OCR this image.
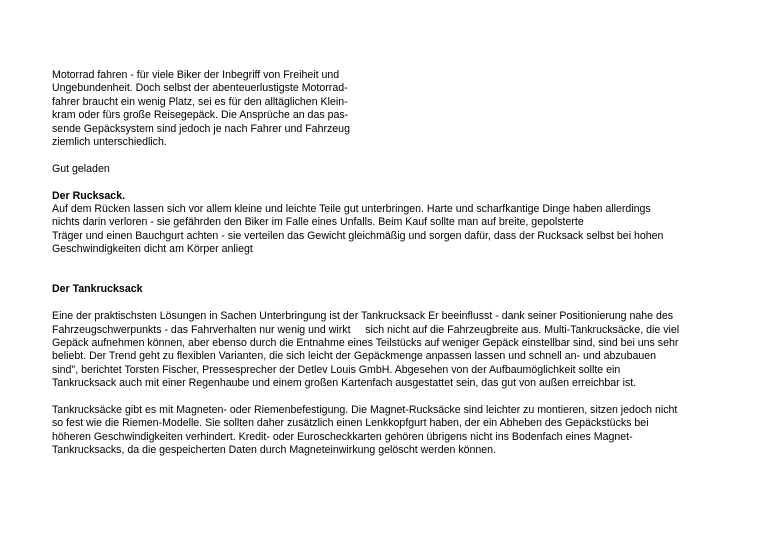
Motorrad fahren - für viele Biker der Inbegriff von Freiheit und
Ungebundenheit. Doch selbst der abenteuerlustigste Motorrad-
fahrer braucht ein wenig Platz, sei es für den alltäglichen Klein-
kram oder fürs große Reisegepäck. Die Ansprüche an das pas-
sende Gepäcksystem sind jedoch je nach Fahrer und Fahrzeug
ziemlich unterschiedlich.
Gut geladen
Der Rucksack.
Auf dem Rücken lassen sich vor allem kleine und leichte Teile gut unterbringen. Harte und scharfkantige Dinge haben allerdings
nichts darin verloren - sie gefährden den Biker im Falle eines Unfalls. Beim Kauf sollte man auf breite, gepolsterte
Träger und einen Bauchgurt achten - sie verteilen das Gewicht gleichmäßig und sorgen dafür, dass der Rucksack selbst bei hohen
Geschwindigkeiten dicht am Körper anliegt
Der Tankrucksack
Eine der praktischsten Lösungen in Sachen Unterbringung ist der Tankrucksack Er beeinflusst - dank seiner Positionierung nahe des
Fahrzeugschwerpunkts - das Fahrverhalten nur wenig und wirkt     sich nicht auf die Fahrzeugbreite aus. Multi-Tankrucksäcke, die viel
Gepäck aufnehmen können, aber ebenso durch die Entnahme eines Teilstücks auf weniger Gepäck einstellbar sind, sind bei uns sehr
beliebt. Der Trend geht zu flexiblen Varianten, die sich leicht der Gepäckmenge anpassen lassen und schnell an- und abzubauen
sind", berichtet Torsten Fischer, Pressesprecher der Detlev Louis GmbH. Abgesehen von der Aufbaumöglichkeit sollte ein
Tankrucksack auch mit einer Regenhaube und einem großen Kartenfach ausgestattet sein, das gut von außen erreichbar ist.
Tankrucksäcke gibt es mit Magneten- oder Riemenbefestigung. Die Magnet-Rucksäcke sind leichter zu montieren, sitzen jedoch nicht
so fest wie die Riemen-Modelle. Sie sollten daher zusätzlich einen Lenkkopfgurt haben, der ein Abheben des Gepäckstücks bei
höheren Geschwindigkeiten verhindert. Kredit- oder Euroscheckkarten gehören übrigens nicht ins Bodenfach eines Magnet-
Tankrucksacks, da die gespeicherten Daten durch Magneteinwirkung gelöscht werden können.
